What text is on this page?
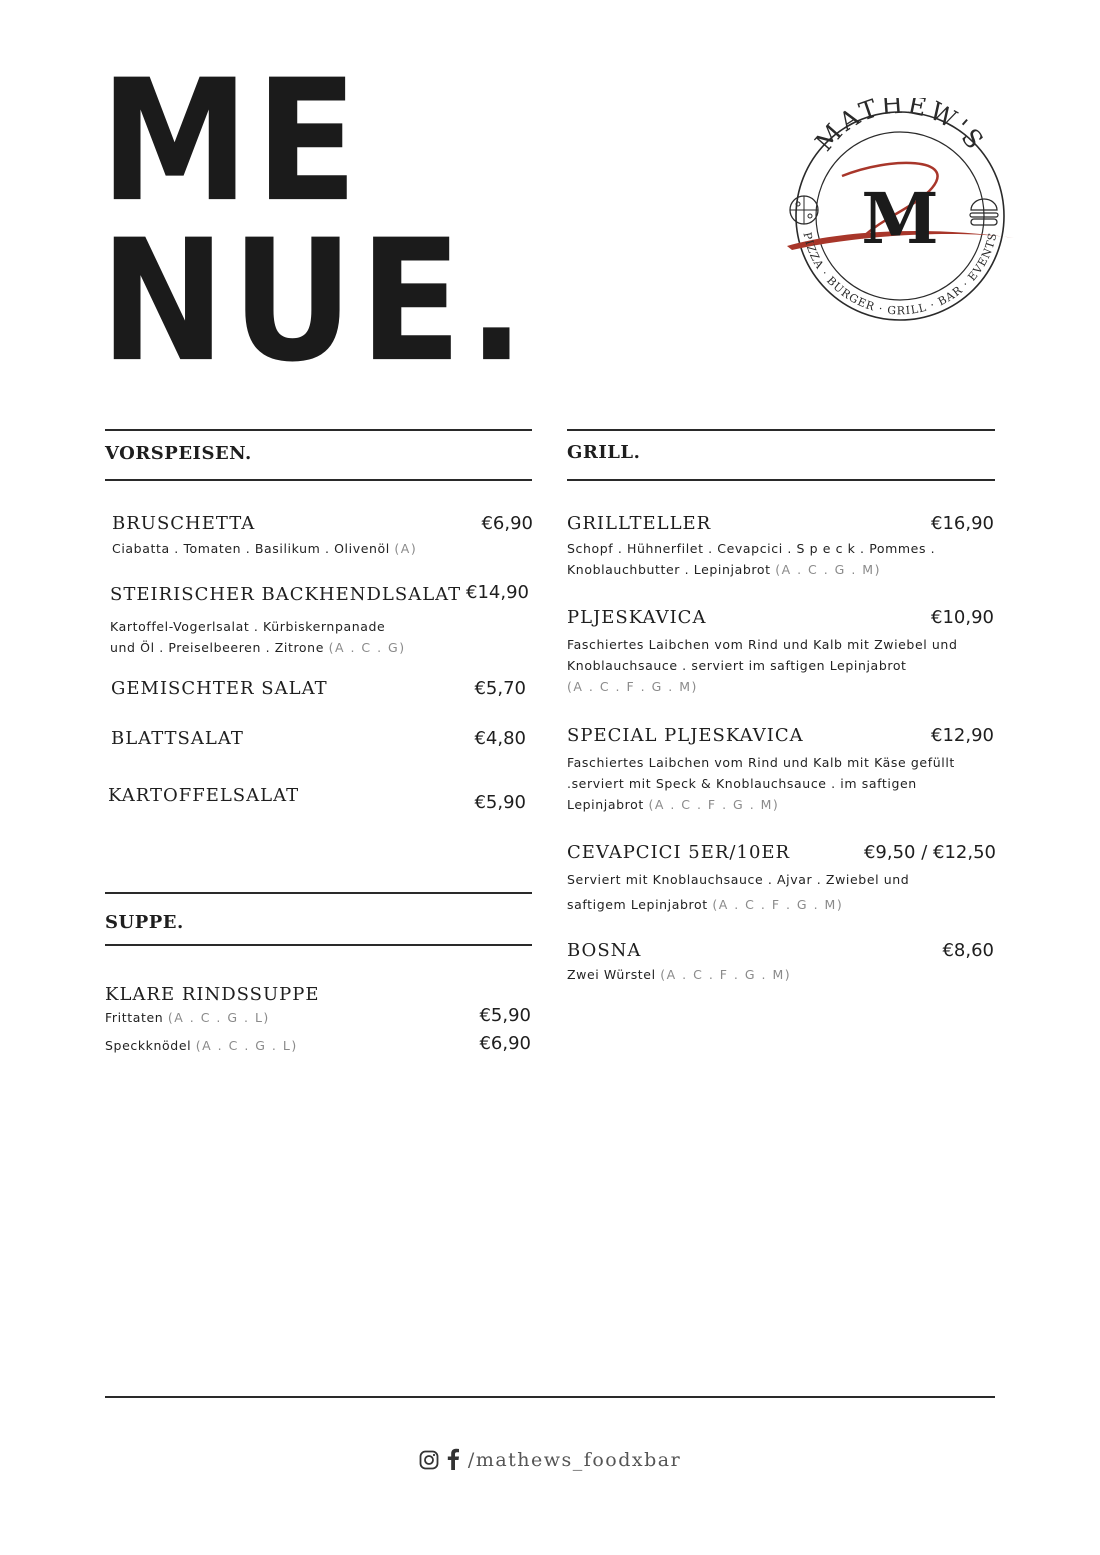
ME
NUE.
MATHEW'S
M
PIZZA · BURGER · GRILL · BAR · EVENTS
VORSPEISEN.
BRUSCHETTA	€6,90
Ciabatta . Tomaten . Basilikum . Olivenöl (A)
STEIRISCHER BACKHENDLSALAT €14,90
Kartoffel-Vogerlsalat . Kürbiskernpanade
und Öl . Preiselbeeren . Zitrone (A . C . G)
GEMISCHTER SALAT	€5,70
BLATTSALAT	€4,80
KARTOFFELSALAT	€5,90
SUPPE.
KLARE RINDSSUPPE
Frittaten (A . C . G . L)	€5,90
Speckknödel (A . C . G . L)	€6,90
GRILL.
GRILLTELLER	€16,90
Schopf . Hühnerfilet . Cevapcici . S p e c k . Pommes .
Knoblauchbutter . Lepinjabrot (A . C . G . M)
PLJESKAVICA	€10,90
Faschiertes Laibchen vom Rind und Kalb mit Zwiebel und
Knoblauchsauce . serviert im saftigen Lepinjabrot
(A . C . F . G . M)
SPECIAL PLJESKAVICA	€12,90
Faschiertes Laibchen vom Rind und Kalb mit Käse gefüllt
.serviert mit Speck & Knoblauchsauce . im saftigen
Lepinjabrot (A . C . F . G . M)
CEVAPCICI 5ER/10ER	€9,50 / €12,50
Serviert mit Knoblauchsauce . Ajvar . Zwiebel und
saftigem Lepinjabrot (A . C . F . G . M)
BOSNA	€8,60
Zwei Würstel (A . C . F . G . M)
/mathews_foodxbar
